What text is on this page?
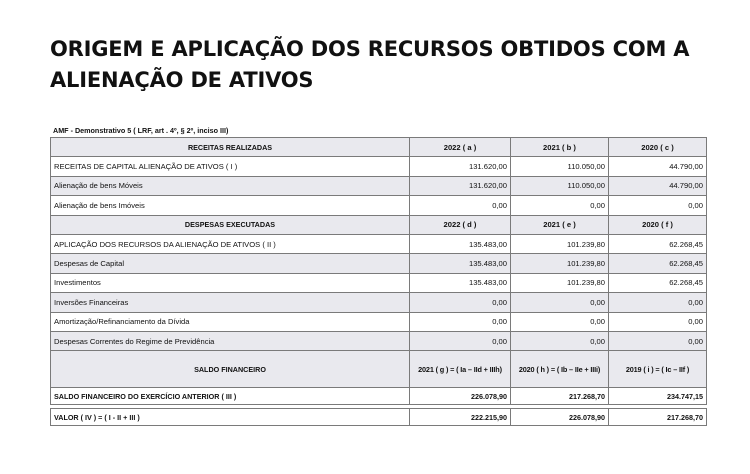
ORIGEM E APLICAÇÃO DOS RECURSOS OBTIDOS COM A ALIENAÇÃO DE ATIVOS
AMF - Demonstrativo 5 ( LRF, art . 4º, § 2º, inciso III)
RECEITAS REALIZADAS	2022 ( a )	2021 ( b )	2020 ( c )
RECEITAS DE CAPITAL ALIENAÇÃO DE ATIVOS ( I )	131.620,00	110.050,00	44.790,00
Alienação de bens Móveis	131.620,00	110.050,00	44.790,00
Alienação de bens Imóveis	0,00	0,00	0,00
DESPESAS EXECUTADAS	2022 ( d )	2021 ( e )	2020 ( f )
APLICAÇÃO DOS RECURSOS DA ALIENAÇÃO DE ATIVOS ( II )	135.483,00	101.239,80	62.268,45
Despesas de Capital	135.483,00	101.239,80	62.268,45
Investimentos	135.483,00	101.239,80	62.268,45
Inversões Financeiras	0,00	0,00	0,00
Amortização/Refinanciamento da Dívida	0,00	0,00	0,00
Despesas Correntes do Regime de Previdência	0,00	0,00	0,00
SALDO FINANCEIRO	2021 ( g ) = ( Ia – IId + IIIh)	2020 ( h ) = ( Ib – IIe + IIIi)	2019 ( i ) = ( Ic – IIf )
SALDO FINANCEIRO DO EXERCÍCIO ANTERIOR ( III )	226.078,90	217.268,70	234.747,15

VALOR ( IV ) = ( I - II + III )	222.215,90	226.078,90	217.268,70
